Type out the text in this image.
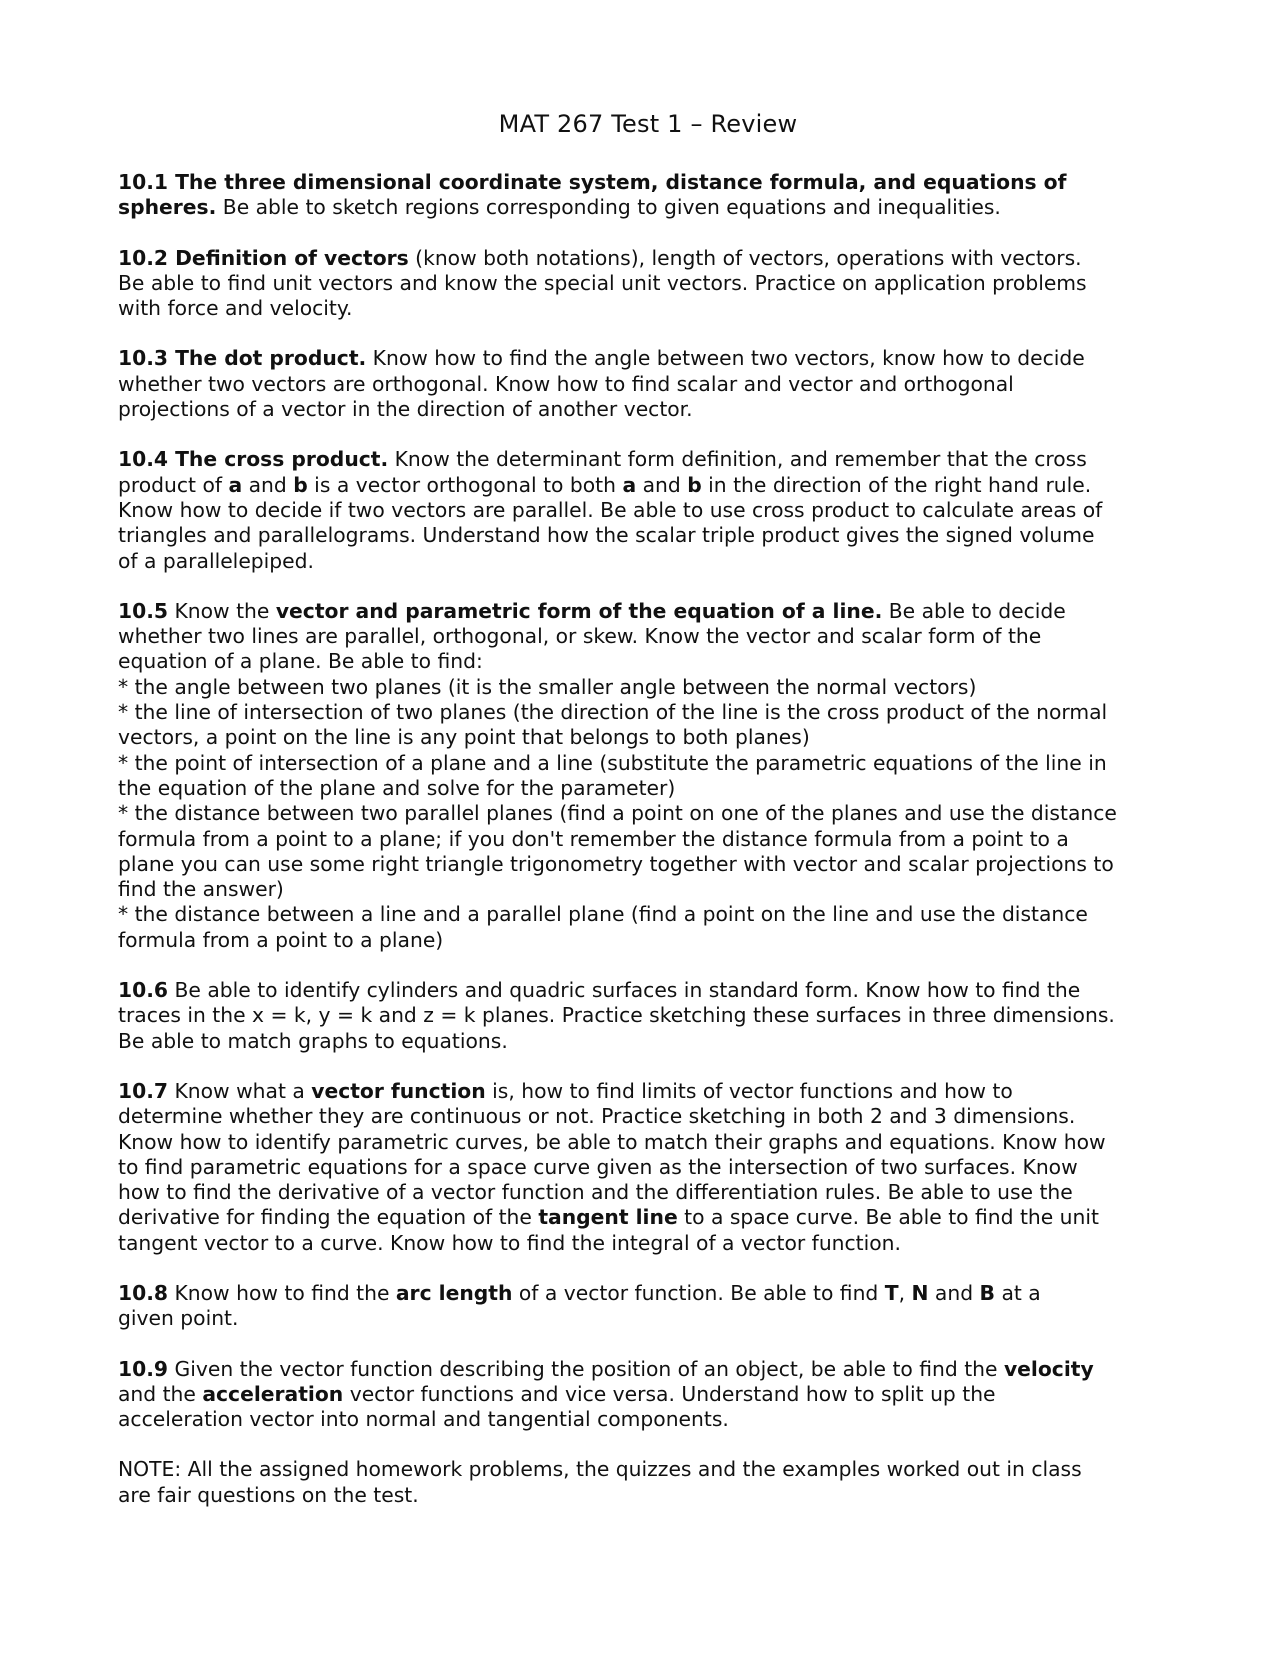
MAT 267 Test 1 – Review

10.1 The three dimensional coordinate system, distance formula, and equations of
spheres. Be able to sketch regions corresponding to given equations and inequalities.

10.2 Definition of vectors (know both notations), length of vectors, operations with vectors.
Be able to find unit vectors and know the special unit vectors. Practice on application problems
with force and velocity.

10.3 The dot product. Know how to find the angle between two vectors, know how to decide
whether two vectors are orthogonal. Know how to find scalar and vector and orthogonal
projections of a vector in the direction of another vector.

10.4 The cross product. Know the determinant form definition, and remember that the cross
product of a and b is a vector orthogonal to both a and b in the direction of the right hand rule.
Know how to decide if two vectors are parallel. Be able to use cross product to calculate areas of
triangles and parallelograms. Understand how the scalar triple product gives the signed volume
of a parallelepiped.

10.5 Know the vector and parametric form of the equation of a line. Be able to decide
whether two lines are parallel, orthogonal, or skew. Know the vector and scalar form of the
equation of a plane. Be able to find:
* the angle between two planes (it is the smaller angle between the normal vectors)
* the line of intersection of two planes (the direction of the line is the cross product of the normal
vectors, a point on the line is any point that belongs to both planes)
* the point of intersection of a plane and a line (substitute the parametric equations of the line in
the equation of the plane and solve for the parameter)
* the distance between two parallel planes (find a point on one of the planes and use the distance
formula from a point to a plane; if you don't remember the distance formula from a point to a
plane you can use some right triangle trigonometry together with vector and scalar projections to
find the answer)
* the distance between a line and a parallel plane (find a point on the line and use the distance
formula from a point to a plane)

10.6 Be able to identify cylinders and quadric surfaces in standard form. Know how to find the
traces in the x = k, y = k and z = k planes. Practice sketching these surfaces in three dimensions.
Be able to match graphs to equations.

10.7 Know what a vector function is, how to find limits of vector functions and how to
determine whether they are continuous or not. Practice sketching in both 2 and 3 dimensions.
Know how to identify parametric curves, be able to match their graphs and equations. Know how
to find parametric equations for a space curve given as the intersection of two surfaces. Know
how to find the derivative of a vector function and the differentiation rules. Be able to use the
derivative for finding the equation of the tangent line to a space curve. Be able to find the unit
tangent vector to a curve. Know how to find the integral of a vector function.

10.8 Know how to find the arc length of a vector function. Be able to find T, N and B at a
given point.

10.9 Given the vector function describing the position of an object, be able to find the velocity
and the acceleration vector functions and vice versa. Understand how to split up the
acceleration vector into normal and tangential components.

NOTE: All the assigned homework problems, the quizzes and the examples worked out in class
are fair questions on the test.
